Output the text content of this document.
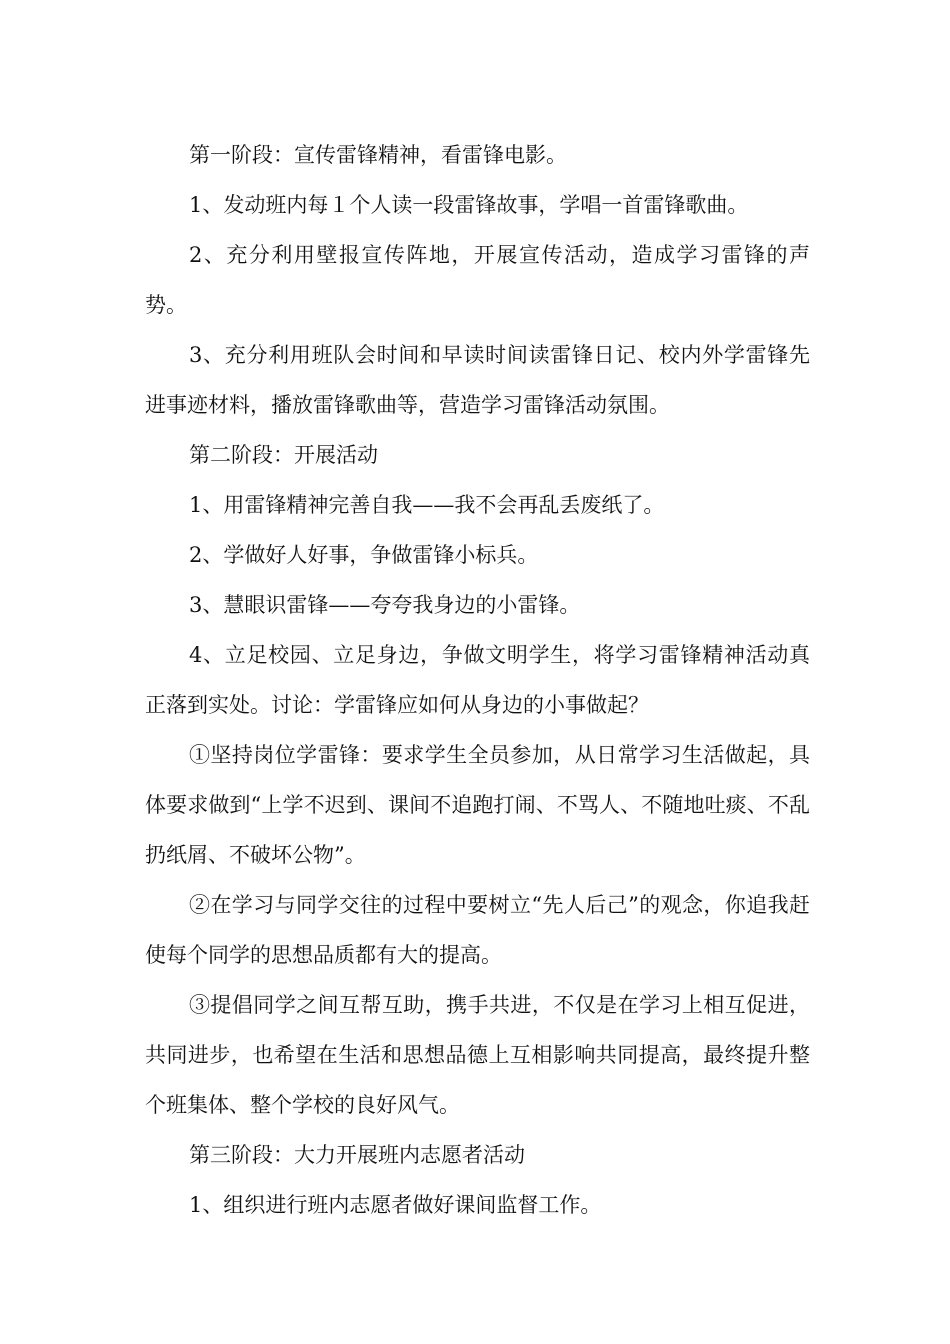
第一阶段：宣传雷锋精神，看雷锋电影。

1、发动班内每１个人读一段雷锋故事，学唱一首雷锋歌曲。

2、充分利用壁报宣传阵地，开展宣传活动，造成学习雷锋的声势。

3、充分利用班队会时间和早读时间读雷锋日记、校内外学雷锋先进事迹材料，播放雷锋歌曲等，营造学习雷锋活动氛围。

第二阶段：开展活动

1、用雷锋精神完善自我——我不会再乱丢废纸了。

2、学做好人好事，争做雷锋小标兵。

3、慧眼识雷锋——夸夸我身边的小雷锋。

4、立足校园、立足身边，争做文明学生，将学习雷锋精神活动真正落到实处。讨论：学雷锋应如何从身边的小事做起？

①坚持岗位学雷锋：要求学生全员参加，从日常学习生活做起，具体要求做到“上学不迟到、课间不追跑打闹、不骂人、不随地吐痰、不乱扔纸屑、不破坏公物”。

②在学习与同学交往的过程中要树立“先人后己”的观念，你追我赶使每个同学的思想品质都有大的提高。

③提倡同学之间互帮互助，携手共进，不仅是在学习上相互促进，共同进步，也希望在生活和思想品德上互相影响共同提高，最终提升整个班集体、整个学校的良好风气。

第三阶段：大力开展班内志愿者活动

1、组织进行班内志愿者做好课间监督工作。
